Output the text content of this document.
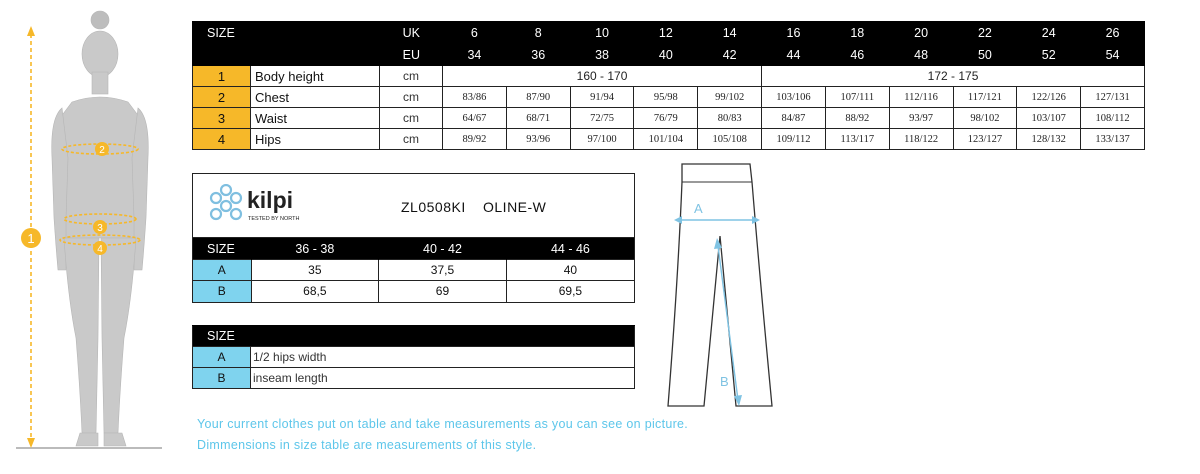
1
2
3
4
SIZE UK			6	8	10	12	14	16	18	20	22	24	26

EU			34	36	38	40	42	44	46	48	50	52	54
1	Body height	cm	160 - 170					172 - 175					
2	Chest	cm	83/86	87/90	91/94	95/98	99/102	103/106	107/111	112/116	117/121	122/126	127/131
3	Waist	cm	64/67	68/71	72/75	76/79	80/83	84/87	88/92	93/97	98/102	103/107	108/112
4	Hips	cm	89/92	93/96	97/100	101/104	105/108	109/112	113/117	118/122	123/127	128/132	133/137
kilpi
TESTED BY NORTH
ZL0508KI OLINE-W
SIZE	36 - 38	40 - 42	44 - 46
A	35	37,5	40
B	68,5	69	69,5
SIZE	
A	1/2 hips width
B	inseam length
A
B
Your current clothes put on table and take measurements as you can see on picture.
Dimmensions in size table are measurements of this style.
